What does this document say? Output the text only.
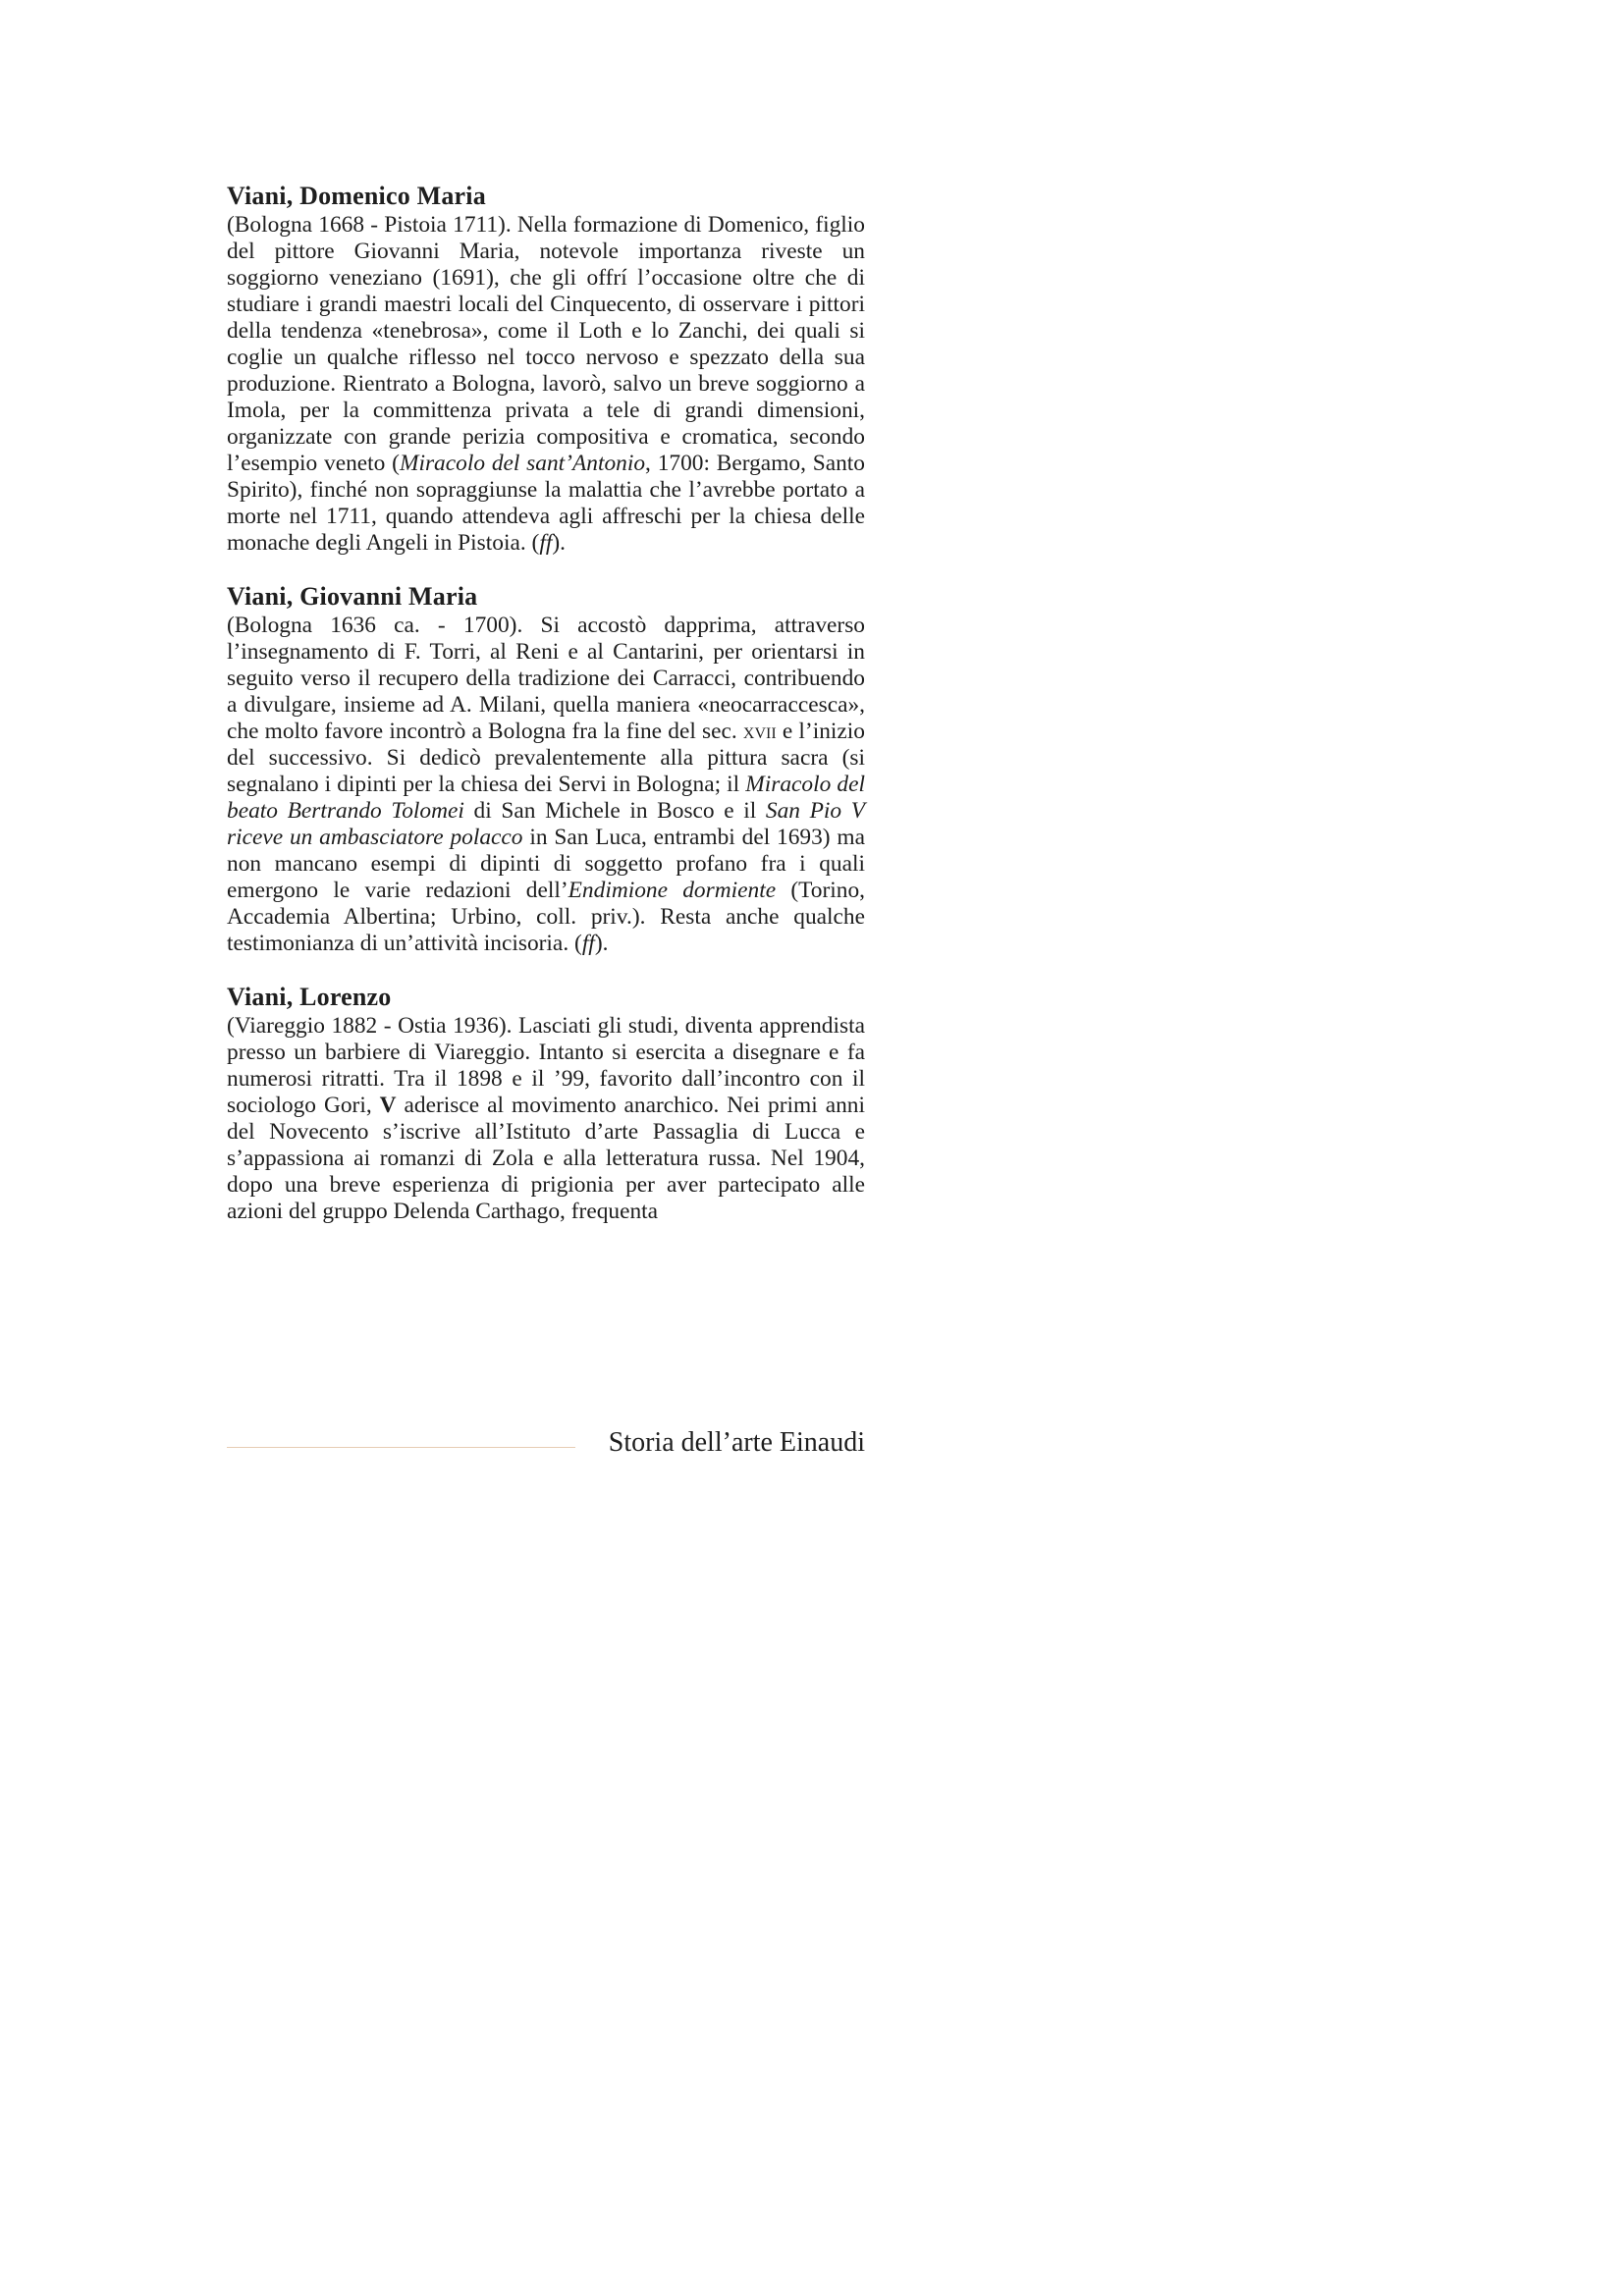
Viani, Domenico Maria

(Bologna 1668 - Pistoia 1711). Nella formazione di Domenico, figlio del pittore Giovanni Maria, notevole importanza riveste un soggiorno veneziano (1691), che gli offrí l’occasione oltre che di studiare i grandi maestri locali del Cinquecento, di osservare i pittori della tendenza «tenebrosa», come il Loth e lo Zanchi, dei quali si coglie un qualche riflesso nel tocco nervoso e spezzato della sua produzione. Rientrato a Bologna, lavorò, salvo un breve soggiorno a Imola, per la committenza privata a tele di grandi dimensioni, organizzate con grande perizia compositiva e cromatica, secondo l’esempio veneto (Miracolo del sant’Antonio, 1700: Bergamo, Santo Spirito), finché non sopraggiunse la malattia che l’avrebbe portato a morte nel 1711, quando attendeva agli affreschi per la chiesa delle monache degli Angeli in Pistoia. (ff).

Viani, Giovanni Maria

(Bologna 1636 ca. - 1700). Si accostò dapprima, attraverso l’insegnamento di F. Torri, al Reni e al Cantarini, per orientarsi in seguito verso il recupero della tradizione dei Carracci, contribuendo a divulgare, insieme ad A. Milani, quella maniera «neocarraccesca», che molto favore incontrò a Bologna fra la fine del sec. xvii e l’inizio del successivo. Si dedicò prevalentemente alla pittura sacra (si segnalano i dipinti per la chiesa dei Servi in Bologna; il Miracolo del beato Bertrando Tolomei di San Michele in Bosco e il San Pio V riceve un ambasciatore polacco in San Luca, entrambi del 1693) ma non mancano esempi di dipinti di soggetto profano fra i quali emergono le varie redazioni dell’Endimione dormiente (Torino, Accademia Albertina; Urbino, coll. priv.). Resta anche qualche testimonianza di un’attività incisoria. (ff).

Viani, Lorenzo

(Viareggio 1882 - Ostia 1936). Lasciati gli studi, diventa apprendista presso un barbiere di Viareggio. Intanto si esercita a disegnare e fa numerosi ritratti. Tra il 1898 e il ’99, favorito dall’incontro con il sociologo Gori, V aderisce al movimento anarchico. Nei primi anni del Novecento s’iscrive all’Istituto d’arte Passaglia di Lucca e s’appassiona ai romanzi di Zola e alla letteratura russa. Nel 1904, dopo una breve esperienza di prigionia per aver partecipato alle azioni del gruppo Delenda Carthago, frequenta

Storia dell’arte Einaudi
